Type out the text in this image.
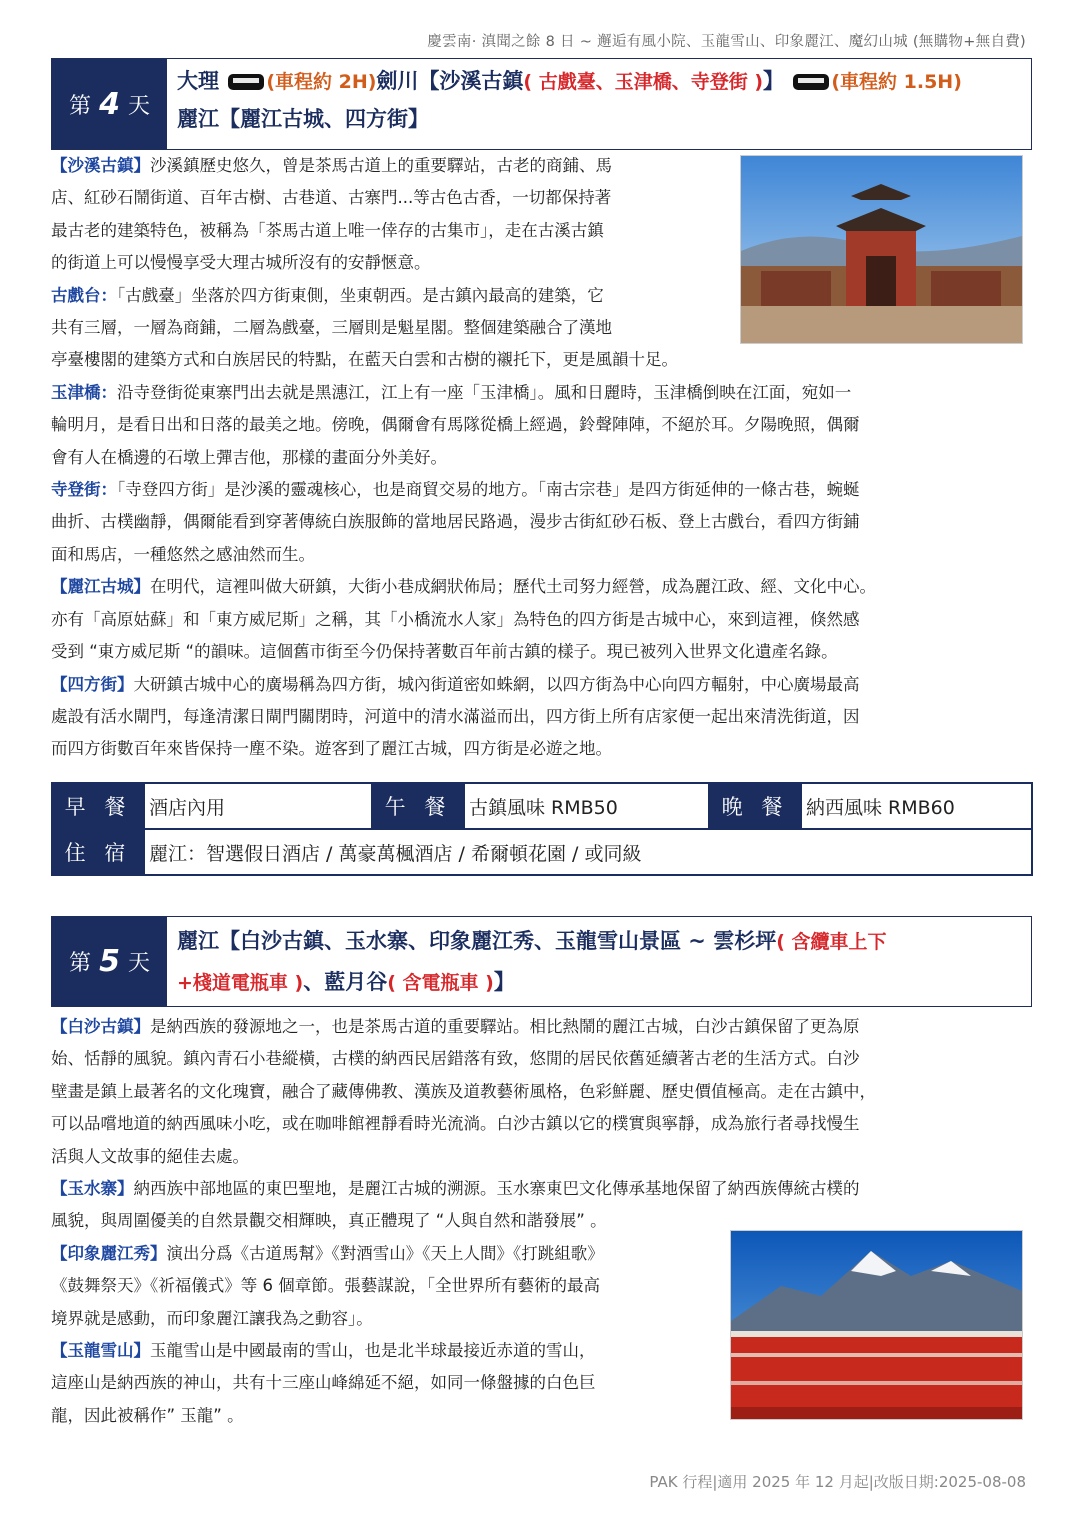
慶雲南· 滇聞之餘 8 日 ~ 邂逅有風小院、玉龍雪山、印象麗江、魔幻山城 (無購物+無自費)
第 4 天
大理 (車程約 2H)劍川【沙溪古鎮( 古戲臺、玉津橋、寺登街 )】 (車程約 1.5H)
麗江【麗江古城、四方街】

【沙溪古鎮】沙溪鎮歷史悠久，曾是茶馬古道上的重要驛站，古老的商鋪、馬

店、紅砂石鬧街道、百年古樹、古巷道、古寨門...等古色古香，一切都保持著

最古老的建築特色，被稱為「茶馬古道上唯一倖存的古集市」，走在古溪古鎮

的街道上可以慢慢享受大理古城所沒有的安靜愜意。

古戲台：「古戲臺」坐落於四方街東側，坐東朝西。是古鎮內最高的建築，它

共有三層，一層為商鋪，二層為戲臺，三層則是魁星閣。整個建築融合了漢地

亭臺樓閣的建築方式和白族居民的特點，在藍天白雲和古樹的襯托下，更是風韻十足。

玉津橋：沿寺登街從東寨門出去就是黑潓江，江上有一座「玉津橋」。風和日麗時，玉津橋倒映在江面，宛如一

輪明月，是看日出和日落的最美之地。傍晚，偶爾會有馬隊從橋上經過，鈴聲陣陣，不絕於耳。夕陽晚照，偶爾

會有人在橋邊的石墩上彈吉他，那樣的畫面分外美好。

寺登街：「寺登四方街」是沙溪的靈魂核心，也是商貿交易的地方。「南古宗巷」是四方街延伸的一條古巷，蜿蜒

曲折、古樸幽靜，偶爾能看到穿著傳統白族服飾的當地居民路過，漫步古街紅砂石板、登上古戲台，看四方街鋪

面和馬店，一種悠然之感油然而生。

【麗江古城】在明代，這裡叫做大研鎮，大街小巷成網狀佈局；歷代土司努力經營，成為麗江政、經、文化中心。

亦有「高原姑蘇」和「東方威尼斯」之稱，其「小橋流水人家」為特色的四方街是古城中心，來到這裡，倏然感

受到 “東方威尼斯 “的韻味。這個舊市街至今仍保持著數百年前古鎮的樣子。現已被列入世界文化遺產名錄。

【四方街】大研鎮古城中心的廣場稱為四方街，城內街道密如蛛網，以四方街為中心向四方輻射，中心廣場最高

處設有活水閘門，每逢清潔日閘門關閉時，河道中的清水滿溢而出，四方街上所有店家便一起出來清洗街道，因

而四方街數百年來皆保持一塵不染。遊客到了麗江古城，四方街是必遊之地。

早 餐	酒店內用	午 餐	古鎮風味 RMB50	晚 餐	納西風味 RMB60
住 宿	麗江：智選假日酒店 / 萬豪萬楓酒店 / 希爾頓花園 / 或同級				
第 5 天
麗江【白沙古鎮、玉水寨、印象麗江秀、玉龍雪山景區 ~ 雲杉坪( 含纜車上下
+棧道電瓶車 )、藍月谷( 含電瓶車 )】

【白沙古鎮】是納西族的發源地之一，也是茶馬古道的重要驛站。相比熱鬧的麗江古城，白沙古鎮保留了更為原

始、恬靜的風貌。鎮內青石小巷縱橫，古樸的納西民居錯落有致，悠閒的居民依舊延續著古老的生活方式。白沙

壁畫是鎮上最著名的文化瑰寶，融合了藏傳佛教、漢族及道教藝術風格，色彩鮮麗、歷史價值極高。走在古鎮中，

可以品嚐地道的納西風味小吃，或在咖啡館裡靜看時光流淌。白沙古鎮以它的樸實與寧靜，成為旅行者尋找慢生

活與人文故事的絕佳去處。

【玉水寨】納西族中部地區的東巴聖地，是麗江古城的溯源。玉水寨東巴文化傳承基地保留了納西族傳統古樸的

風貌，與周圍優美的自然景觀交相輝映，真正體現了 “人與自然和諧發展” 。

【印象麗江秀】演出分爲《古道馬幫》《對酒雪山》《天上人間》《打跳組歌》

《鼓舞祭天》《祈福儀式》等 6 個章節。張藝謀說，「全世界所有藝術的最高

境界就是感動，而印象麗江讓我為之動容」。

【玉龍雪山】玉龍雪山是中國最南的雪山，也是北半球最接近赤道的雪山，

這座山是納西族的神山，共有十三座山峰綿延不絕，如同一條盤據的白色巨

龍，因此被稱作” 玉龍” 。

PAK 行程|適用 2025 年 12 月起|改版日期:2025-08-08
